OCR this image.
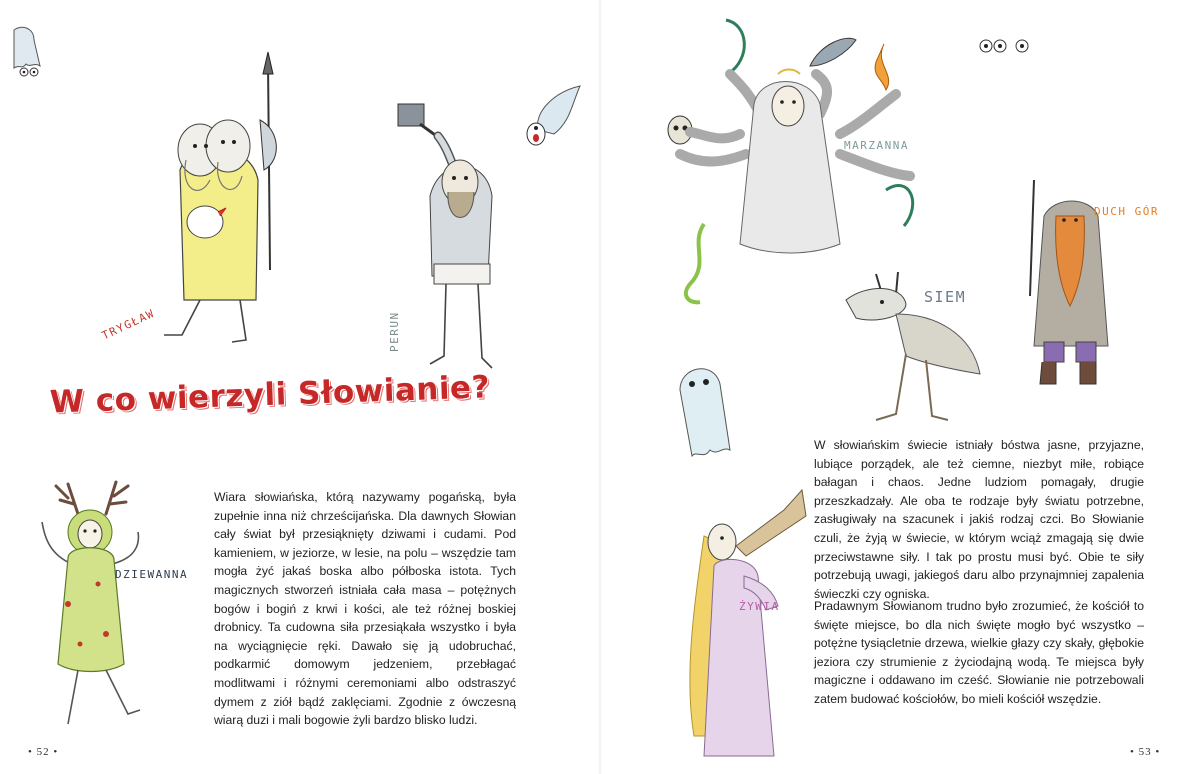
W co wierzyli Słowianie?
TRYGŁAW	PERUN
DZIEWANNA

Wiara słowiańska, którą nazywamy pogańską, była zupełnie inna niż chrześcijańska. Dla dawnych Słowian cały świat był przesiąknięty dziwami i cudami. Pod kamieniem, w jeziorze, w lesie, na polu – wszędzie tam mogła żyć jakaś boska albo półboska istota. Tych magicznych stworzeń istniała cała masa – potężnych bogów i bogiń z krwi i kości, ale też różnej boskiej drobnicy. Ta cudowna siła przesiąkała wszystko i była na wyciągnięcie ręki. Dawało się ją udobruchać, podkarmić domowym jedzeniem, przebłagać modlitwami i różnymi ceremoniami albo odstraszyć dymem z ziół bądź zaklęciami. Zgodnie z ówczesną wiarą duzi i mali bogowie żyli bardzo blisko ludzi.

• 52 •
MARZANNA
DUCH GÓR
SIEM
ŻYWIA

W słowiańskim świecie istniały bóstwa jasne, przyjazne, lubiące porządek, ale też ciemne, niezbyt miłe, robiące bałagan i chaos. Jedne ludziom pomagały, drugie przeszkadzały. Ale oba te rodzaje były światu potrzebne, zasługiwały na szacunek i jakiś rodzaj czci. Bo Słowianie czuli, że żyją w świecie, w którym wciąż zmagają się dwie przeciwstawne siły. I tak po prostu musi być. Obie te siły potrzebują uwagi, jakiegoś daru albo przynajmniej zapalenia świeczki czy ogniska.

Pradawnym Słowianom trudno było zrozumieć, że kościół to święte miejsce, bo dla nich święte mogło być wszystko – potężne tysiącletnie drzewa, wielkie głazy czy skały, głębokie jeziora czy strumienie z życiodajną wodą. Te miejsca były magiczne i oddawano im cześć. Słowianie nie potrzebowali zatem budować kościołów, bo mieli kościół wszędzie.

• 53 •
